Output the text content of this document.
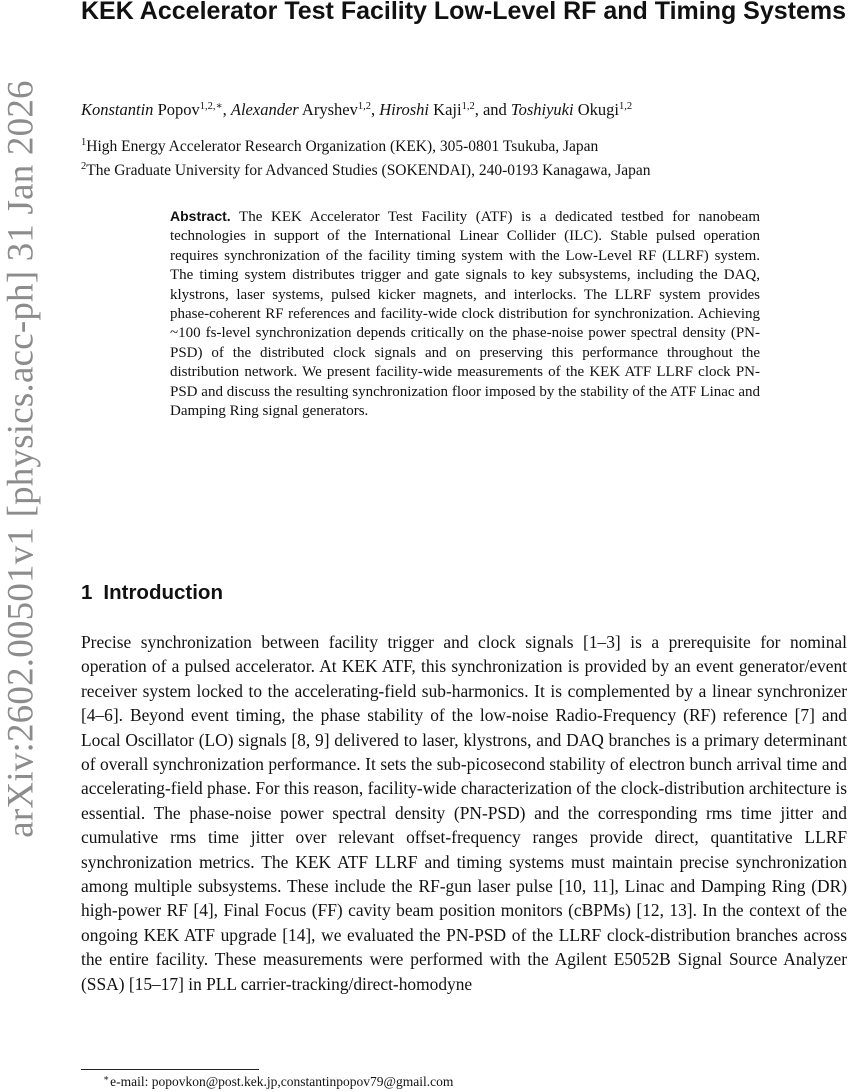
arXiv:2602.00501v1 [physics.acc-ph] 31 Jan 2026
KEK Accelerator Test Facility Low-Level RF and Timing Systems
Konstantin Popov$^{1,2,∗}$, Alexander Aryshev$^{1,2}$, Hiroshi Kaji$^{1,2}$, and Toshiyuki Okugi$^{1,2}$
$^1$High Energy Accelerator Research Organization (KEK), 305-0801 Tsukuba, Japan
$^2$The Graduate University for Advanced Studies (SOKENDAI), 240-0193 Kanagawa, Japan

Abstract. The KEK Accelerator Test Facility (ATF) is a dedicated testbed for nanobeam technologies in support of the International Linear Collider (ILC). Stable pulsed operation requires synchronization of the facility timing system with the Low-Level RF (LLRF) system. The timing system distributes trigger and gate signals to key subsystems, including the DAQ, klystrons, laser systems, pulsed kicker magnets, and interlocks. The LLRF system provides phase-coherent RF references and facility-wide clock distribution for synchronization. Achieving ~100 fs-level synchronization depends critically on the phase-noise power spectral density (PN-PSD) of the distributed clock signals and on preserving this performance throughout the distribution network. We present facility-wide measurements of the KEK ATF LLRF clock PN-PSD and discuss the resulting synchronization floor imposed by the stability of the ATF Linac and Damping Ring signal generators.

1 Introduction

Precise synchronization between facility trigger and clock signals [1–3] is a prerequisite for nominal operation of a pulsed accelerator. At KEK ATF, this synchronization is provided by an event generator/event receiver system locked to the accelerating-field sub-harmonics. It is complemented by a linear synchronizer [4–6]. Beyond event timing, the phase stability of the low-noise Radio-Frequency (RF) reference [7] and Local Oscillator (LO) signals [8, 9] delivered to laser, klystrons, and DAQ branches is a primary determinant of overall synchronization performance. It sets the sub-picosecond stability of electron bunch arrival time and accelerating-field phase. For this reason, facility-wide characterization of the clock-distribution architecture is essential. The phase-noise power spectral density (PN-PSD) and the corresponding rms time jitter and cumulative rms time jitter over relevant offset-frequency ranges provide direct, quantitative LLRF synchronization metrics. The KEK ATF LLRF and timing systems must maintain precise synchronization among multiple subsystems. These include the RF-gun laser pulse [10, 11], Linac and Damping Ring (DR) high-power RF [4], Final Focus (FF) cavity beam position monitors (cBPMs) [12, 13]. In the context of the ongoing KEK ATF upgrade [14], we evaluated the PN-PSD of the LLRF clock-distribution branches across the entire facility. These measurements were performed with the Agilent E5052B Signal Source Analyzer (SSA) [15–17] in PLL carrier-tracking/direct-homodyne

∗e-mail: popovkon@post.kek.jp,constantinpopov79@gmail.com
